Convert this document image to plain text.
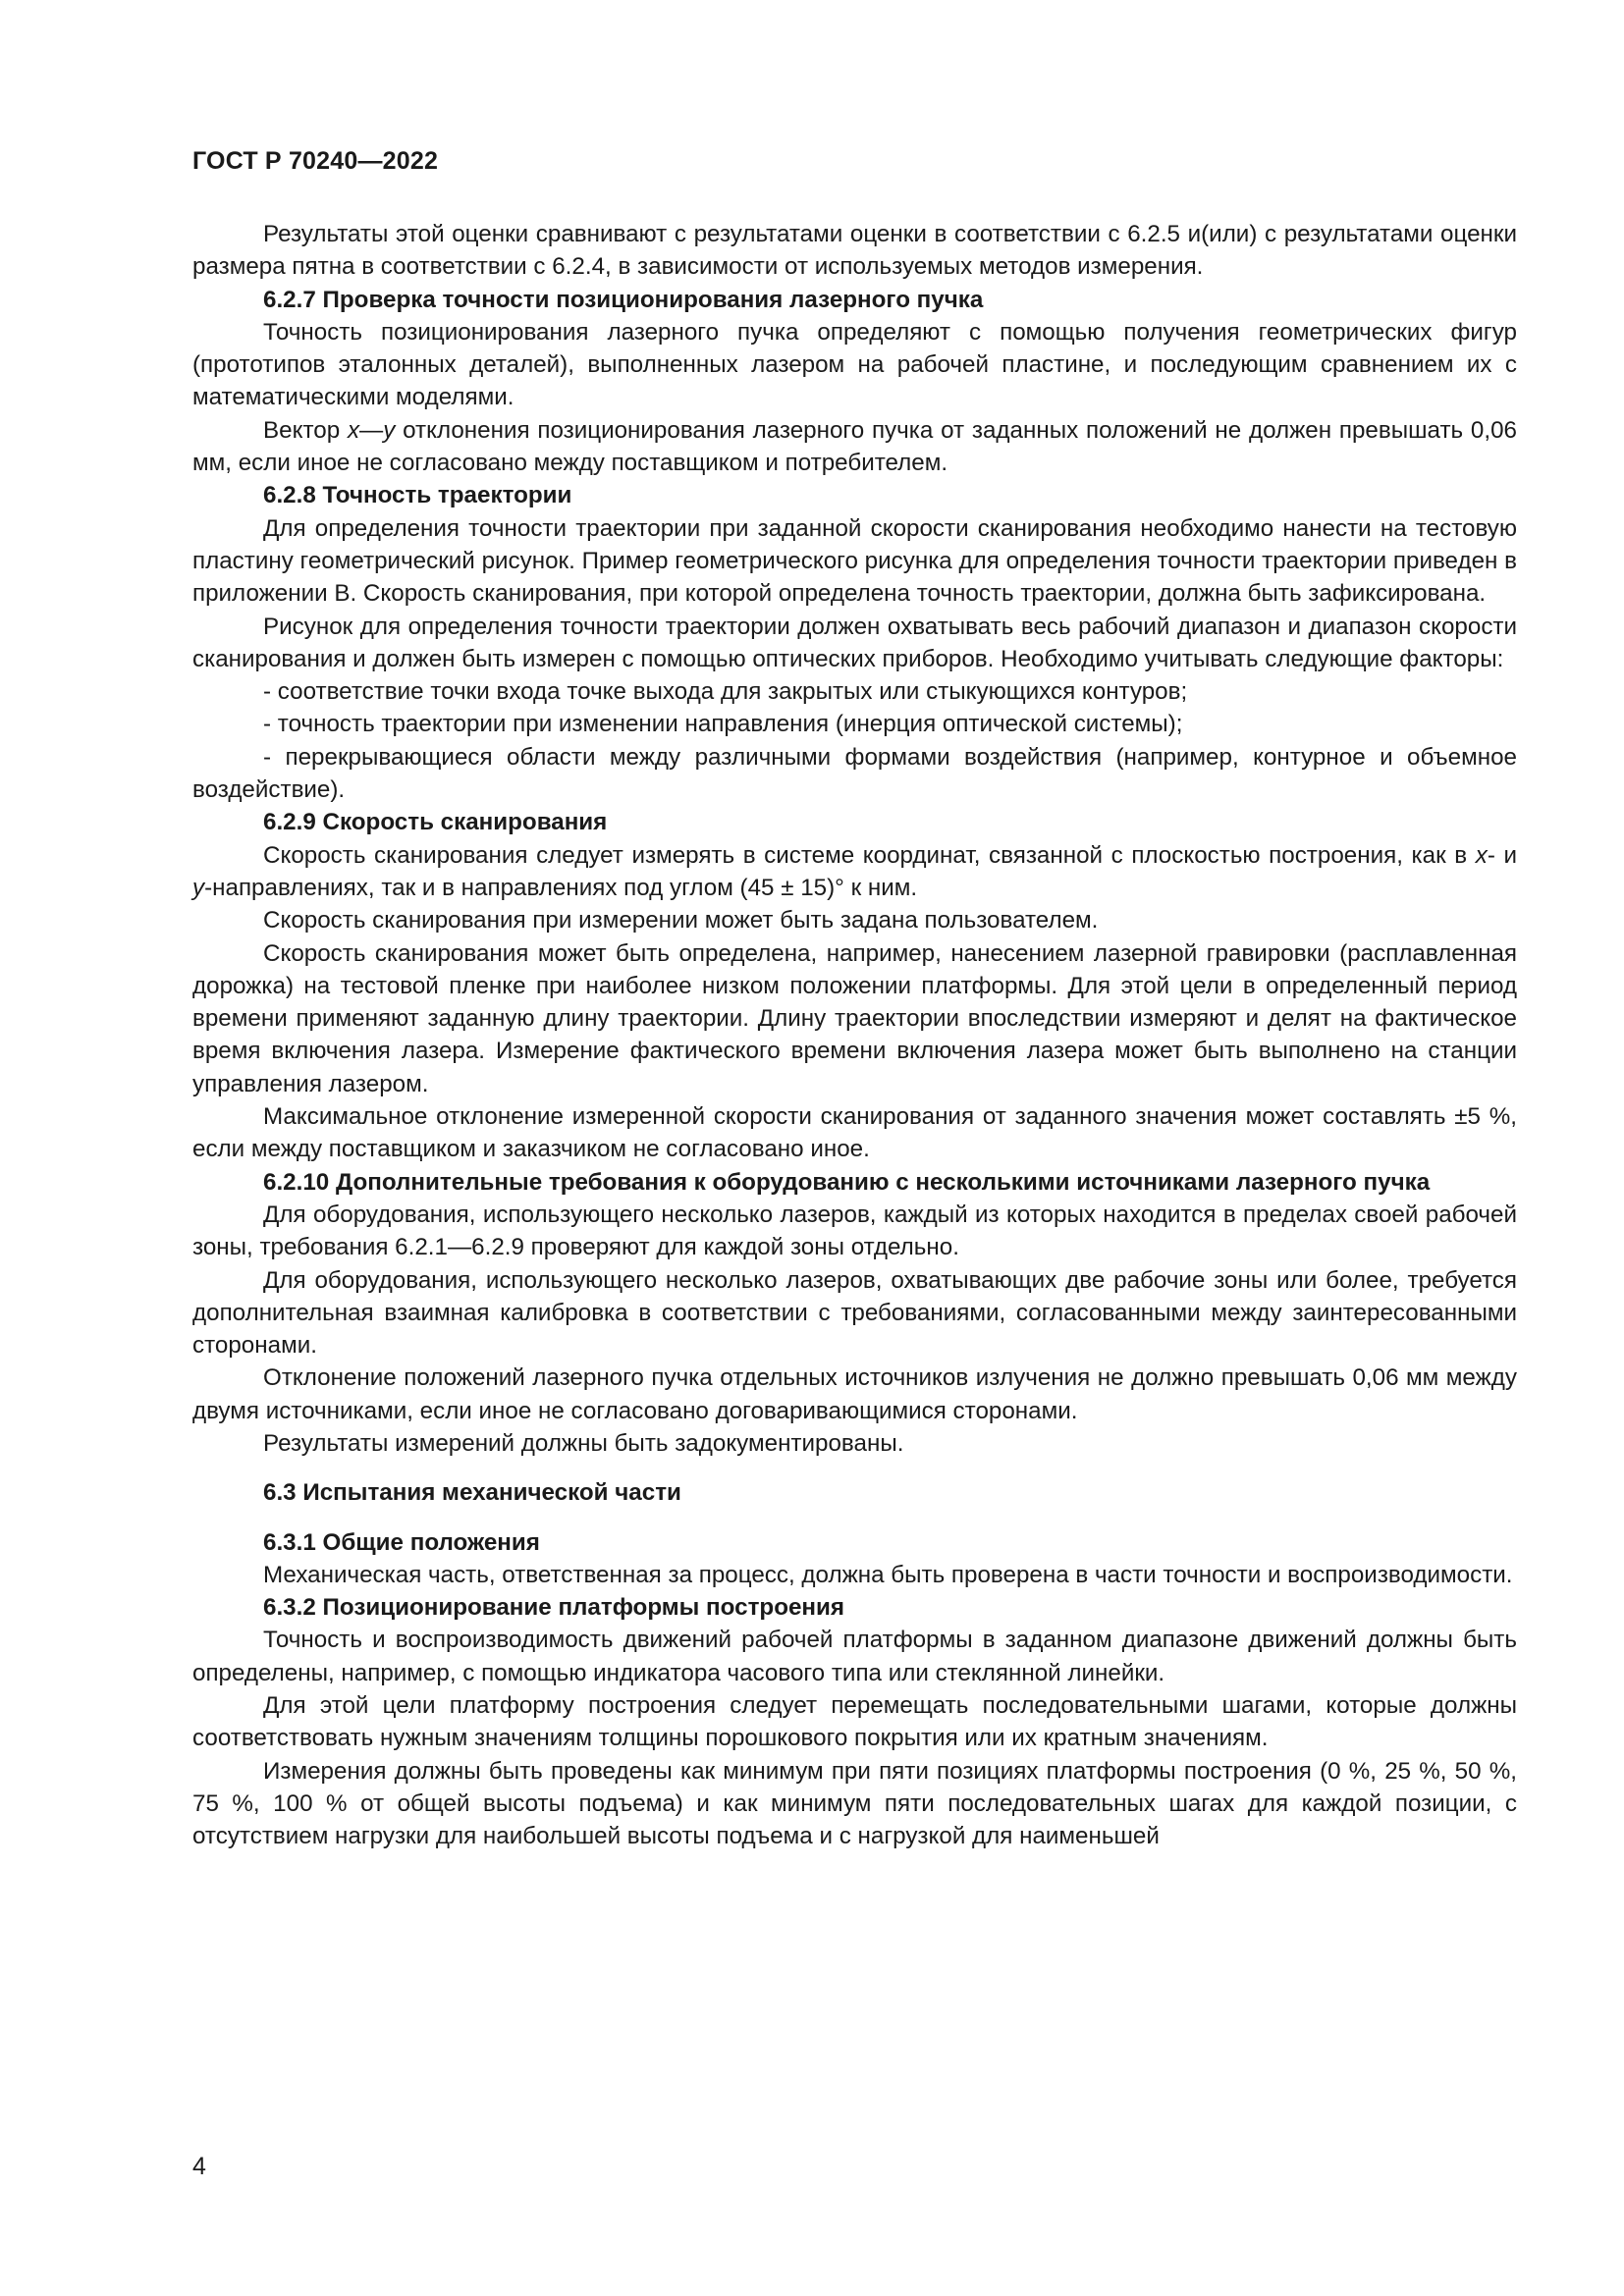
ГОСТ Р 70240—2022
Результаты этой оценки сравнивают с результатами оценки в соответствии с 6.2.5 и(или) с результатами оценки размера пятна в соответствии с 6.2.4, в зависимости от используемых методов измерения.
6.2.7 Проверка точности позиционирования лазерного пучка
Точность позиционирования лазерного пучка определяют с помощью получения геометрических фигур (прототипов эталонных деталей), выполненных лазером на рабочей пластине, и последующим сравнением их с математическими моделями.
Вектор x—y отклонения позиционирования лазерного пучка от заданных положений не должен превышать 0,06 мм, если иное не согласовано между поставщиком и потребителем.
6.2.8 Точность траектории
Для определения точности траектории при заданной скорости сканирования необходимо нанести на тестовую пластину геометрический рисунок. Пример геометрического рисунка для определения точности траектории приведен в приложении В. Скорость сканирования, при которой определена точность траектории, должна быть зафиксирована.
Рисунок для определения точности траектории должен охватывать весь рабочий диапазон и диапазон скорости сканирования и должен быть измерен с помощью оптических приборов. Необходимо учитывать следующие факторы:
- соответствие точки входа точке выхода для закрытых или стыкующихся контуров;
- точность траектории при изменении направления (инерция оптической системы);
- перекрывающиеся области между различными формами воздействия (например, контурное и объемное воздействие).
6.2.9 Скорость сканирования
Скорость сканирования следует измерять в системе координат, связанной с плоскостью построения, как в x- и y-направлениях, так и в направлениях под углом (45 ± 15)° к ним.
Скорость сканирования при измерении может быть задана пользователем.
Скорость сканирования может быть определена, например, нанесением лазерной гравировки (расплавленная дорожка) на тестовой пленке при наиболее низком положении платформы. Для этой цели в определенный период времени применяют заданную длину траектории. Длину траектории впоследствии измеряют и делят на фактическое время включения лазера. Измерение фактического времени включения лазера может быть выполнено на станции управления лазером.
Максимальное отклонение измеренной скорости сканирования от заданного значения может составлять ±5 %, если между поставщиком и заказчиком не согласовано иное.
6.2.10 Дополнительные требования к оборудованию с несколькими источниками лазерного пучка
Для оборудования, использующего несколько лазеров, каждый из которых находится в пределах своей рабочей зоны, требования 6.2.1—6.2.9 проверяют для каждой зоны отдельно.
Для оборудования, использующего несколько лазеров, охватывающих две рабочие зоны или более, требуется дополнительная взаимная калибровка в соответствии с требованиями, согласованными между заинтересованными сторонами.
Отклонение положений лазерного пучка отдельных источников излучения не должно превышать 0,06 мм между двумя источниками, если иное не согласовано договаривающимися сторонами.
Результаты измерений должны быть задокументированы.
6.3 Испытания механической части
6.3.1 Общие положения
Механическая часть, ответственная за процесс, должна быть проверена в части точности и воспроизводимости.
6.3.2 Позиционирование платформы построения
Точность и воспроизводимость движений рабочей платформы в заданном диапазоне движений должны быть определены, например, с помощью индикатора часового типа или стеклянной линейки.
Для этой цели платформу построения следует перемещать последовательными шагами, которые должны соответствовать нужным значениям толщины порошкового покрытия или их кратным значениям.
Измерения должны быть проведены как минимум при пяти позициях платформы построения (0 %, 25 %, 50 %, 75 %, 100 % от общей высоты подъема) и как минимум пяти последовательных шагах для каждой позиции, с отсутствием нагрузки для наибольшей высоты подъема и с нагрузкой для наименьшей
4
